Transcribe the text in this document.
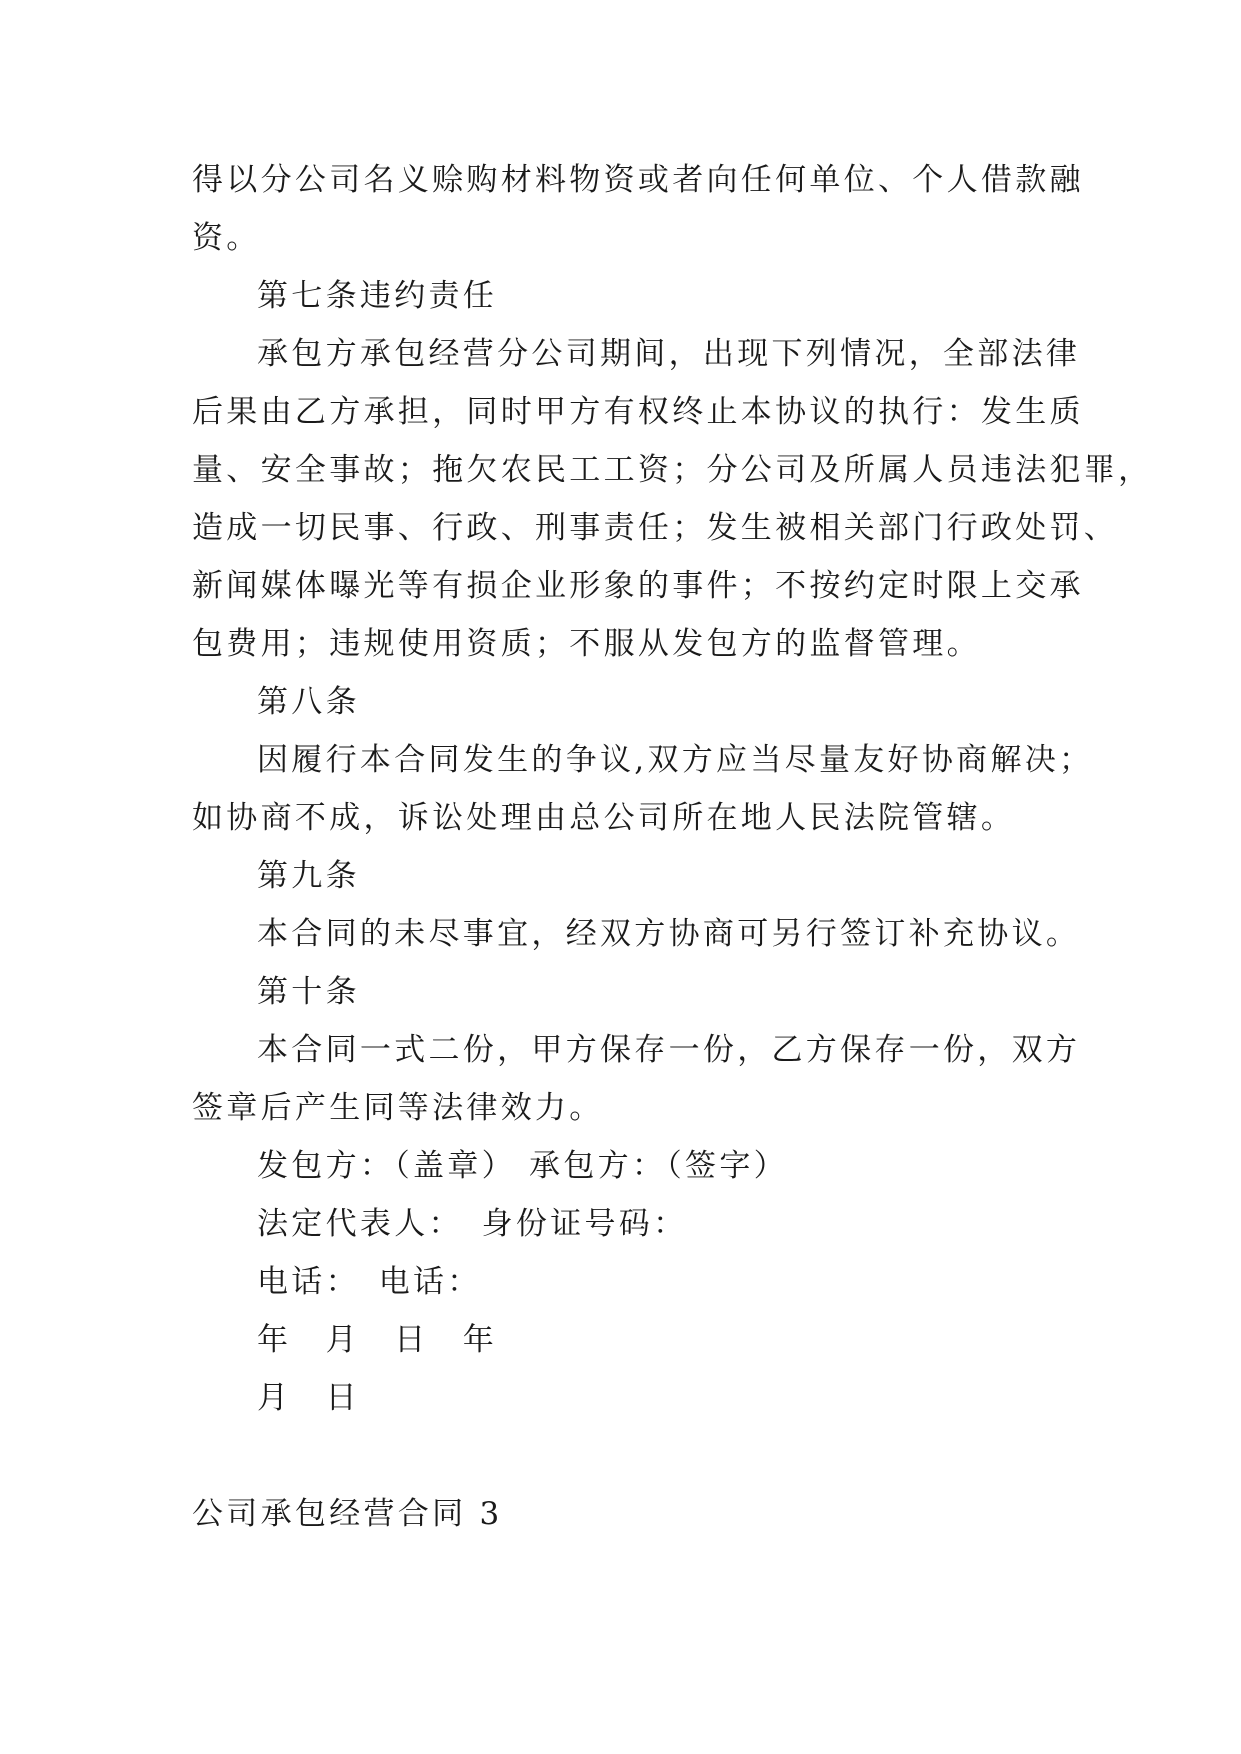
得以分公司名义赊购材料物资或者向任何单位、个人借款融

资。

第七条违约责任

承包方承包经营分公司期间，出现下列情况，全部法律

后果由乙方承担，同时甲方有权终止本协议的执行：发生质

量、安全事故；拖欠农民工工资；分公司及所属人员违法犯罪，

造成一切民事、行政、刑事责任；发生被相关部门行政处罚、

新闻媒体曝光等有损企业形象的事件；不按约定时限上交承

包费用；违规使用资质；不服从发包方的监督管理。

第八条

因履行本合同发生的争议,双方应当尽量友好协商解决；

如协商不成，诉讼处理由总公司所在地人民法院管辖。

第九条

本合同的未尽事宜，经双方协商可另行签订补充协议。

第十条

本合同一式二份，甲方保存一份，乙方保存一份，双方

签章后产生同等法律效力。

发包方：（盖章） 承包方：（签字）

法定代表人：　身份证号码：

电话：　电话：

年　月　日　年

月　日

公司承包经营合同 3
